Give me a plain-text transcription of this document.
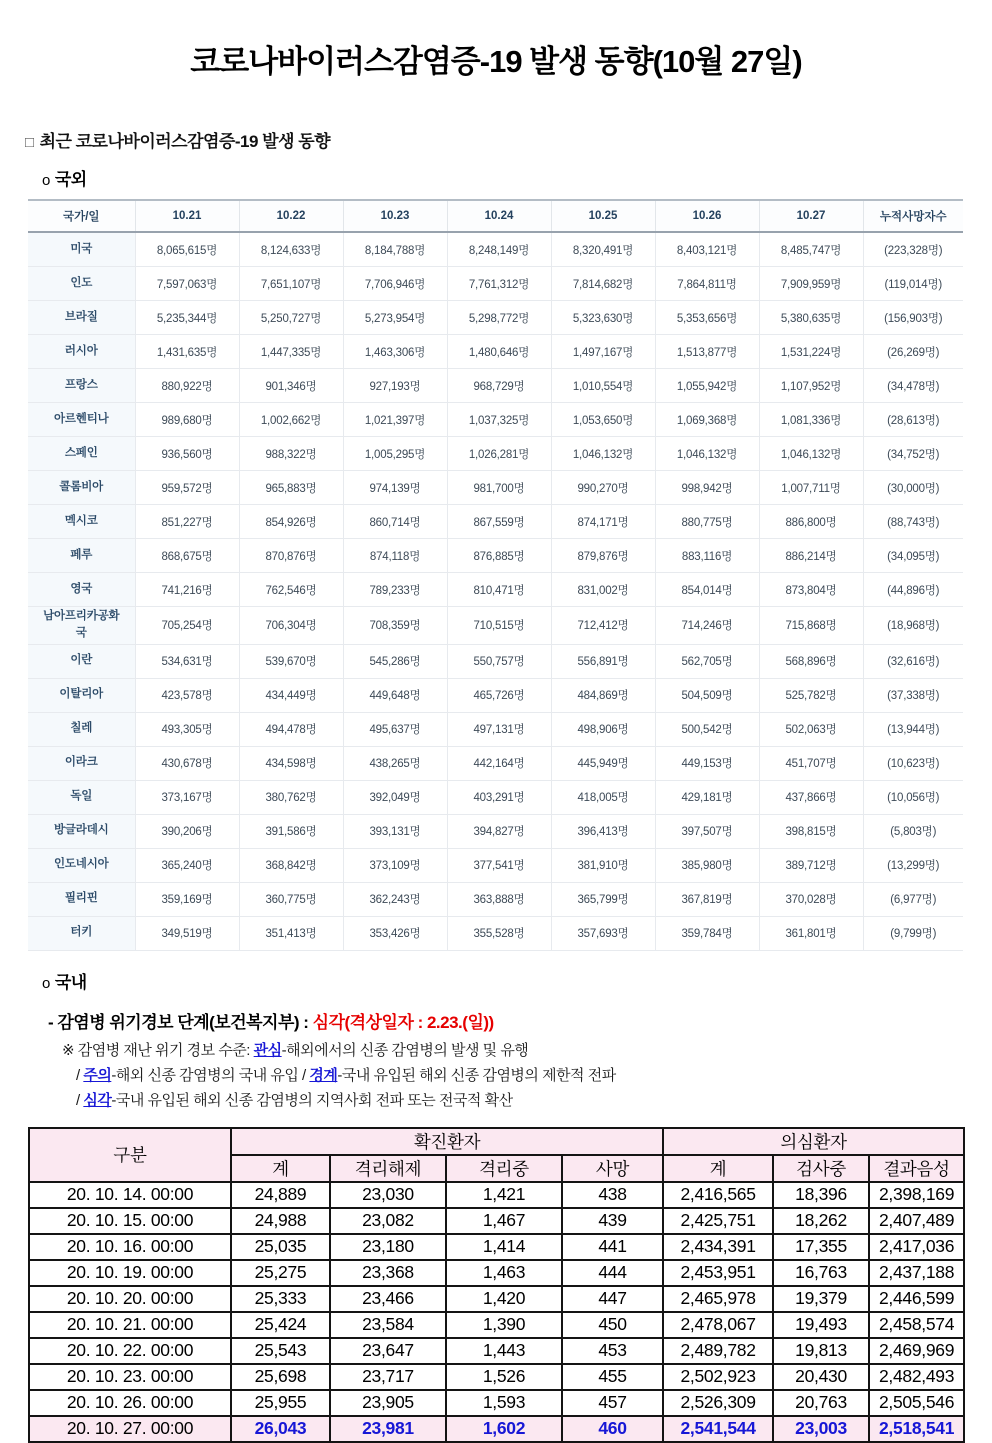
코로나바이러스감염증-19 발생 동향(10월 27일)
□ 최근 코로나바이러스감염증-19 발생 동향
o 국외
국가/일	10.21	10.22	10.23	10.24	10.25	10.26	10.27	누적사망자수
미국	8,065,615명	8,124,633명	8,184,788명	8,248,149명	8,320,491명	8,403,121명	8,485,747명	(223,328명)
인도	7,597,063명	7,651,107명	7,706,946명	7,761,312명	7,814,682명	7,864,811명	7,909,959명	(119,014명)
브라질	5,235,344명	5,250,727명	5,273,954명	5,298,772명	5,323,630명	5,353,656명	5,380,635명	(156,903명)
러시아	1,431,635명	1,447,335명	1,463,306명	1,480,646명	1,497,167명	1,513,877명	1,531,224명	(26,269명)
프랑스	880,922명	901,346명	927,193명	968,729명	1,010,554명	1,055,942명	1,107,952명	(34,478명)
아르헨티나	989,680명	1,002,662명	1,021,397명	1,037,325명	1,053,650명	1,069,368명	1,081,336명	(28,613명)
스페인	936,560명	988,322명	1,005,295명	1,026,281명	1,046,132명	1,046,132명	1,046,132명	(34,752명)
콜롬비아	959,572명	965,883명	974,139명	981,700명	990,270명	998,942명	1,007,711명	(30,000명)
멕시코	851,227명	854,926명	860,714명	867,559명	874,171명	880,775명	886,800명	(88,743명)
페루	868,675명	870,876명	874,118명	876,885명	879,876명	883,116명	886,214명	(34,095명)
영국	741,216명	762,546명	789,233명	810,471명	831,002명	854,014명	873,804명	(44,896명)
남아프리카공화국	705,254명	706,304명	708,359명	710,515명	712,412명	714,246명	715,868명	(18,968명)
이란	534,631명	539,670명	545,286명	550,757명	556,891명	562,705명	568,896명	(32,616명)
이탈리아	423,578명	434,449명	449,648명	465,726명	484,869명	504,509명	525,782명	(37,338명)
칠레	493,305명	494,478명	495,637명	497,131명	498,906명	500,542명	502,063명	(13,944명)
이라크	430,678명	434,598명	438,265명	442,164명	445,949명	449,153명	451,707명	(10,623명)
독일	373,167명	380,762명	392,049명	403,291명	418,005명	429,181명	437,866명	(10,056명)
방글라데시	390,206명	391,586명	393,131명	394,827명	396,413명	397,507명	398,815명	(5,803명)
인도네시아	365,240명	368,842명	373,109명	377,541명	381,910명	385,980명	389,712명	(13,299명)
필리핀	359,169명	360,775명	362,243명	363,888명	365,799명	367,819명	370,028명	(6,977명)
터키	349,519명	351,413명	353,426명	355,528명	357,693명	359,784명	361,801명	(9,799명)
o 국내
- 감염병 위기경보 단계(보건복지부) : 심각(격상일자 : 2.23.(일))
※ 감염병 재난 위기 경보 수준: 관심-해외에서의 신종 감염병의 발생 및 유행
/ 주의-해외 신종 감염병의 국내 유입 / 경계-국내 유입된 해외 신종 감염병의 제한적 전파
/ 심각-국내 유입된 해외 신종 감염병의 지역사회 전파 또는 전국적 확산
구분	확진환자				의심환자		
	계	격리해제	격리중	사망	계	검사중	결과음성
20. 10. 14. 00:00	24,889	23,030	1,421	438	2,416,565	18,396	2,398,169
20. 10. 15. 00:00	24,988	23,082	1,467	439	2,425,751	18,262	2,407,489
20. 10. 16. 00:00	25,035	23,180	1,414	441	2,434,391	17,355	2,417,036
20. 10. 19. 00:00	25,275	23,368	1,463	444	2,453,951	16,763	2,437,188
20. 10. 20. 00:00	25,333	23,466	1,420	447	2,465,978	19,379	2,446,599
20. 10. 21. 00:00	25,424	23,584	1,390	450	2,478,067	19,493	2,458,574
20. 10. 22. 00:00	25,543	23,647	1,443	453	2,489,782	19,813	2,469,969
20. 10. 23. 00:00	25,698	23,717	1,526	455	2,502,923	20,430	2,482,493
20. 10. 26. 00:00	25,955	23,905	1,593	457	2,526,309	20,763	2,505,546
20. 10. 27. 00:00	26,043	23,981	1,602	460	2,541,544	23,003	2,518,541
